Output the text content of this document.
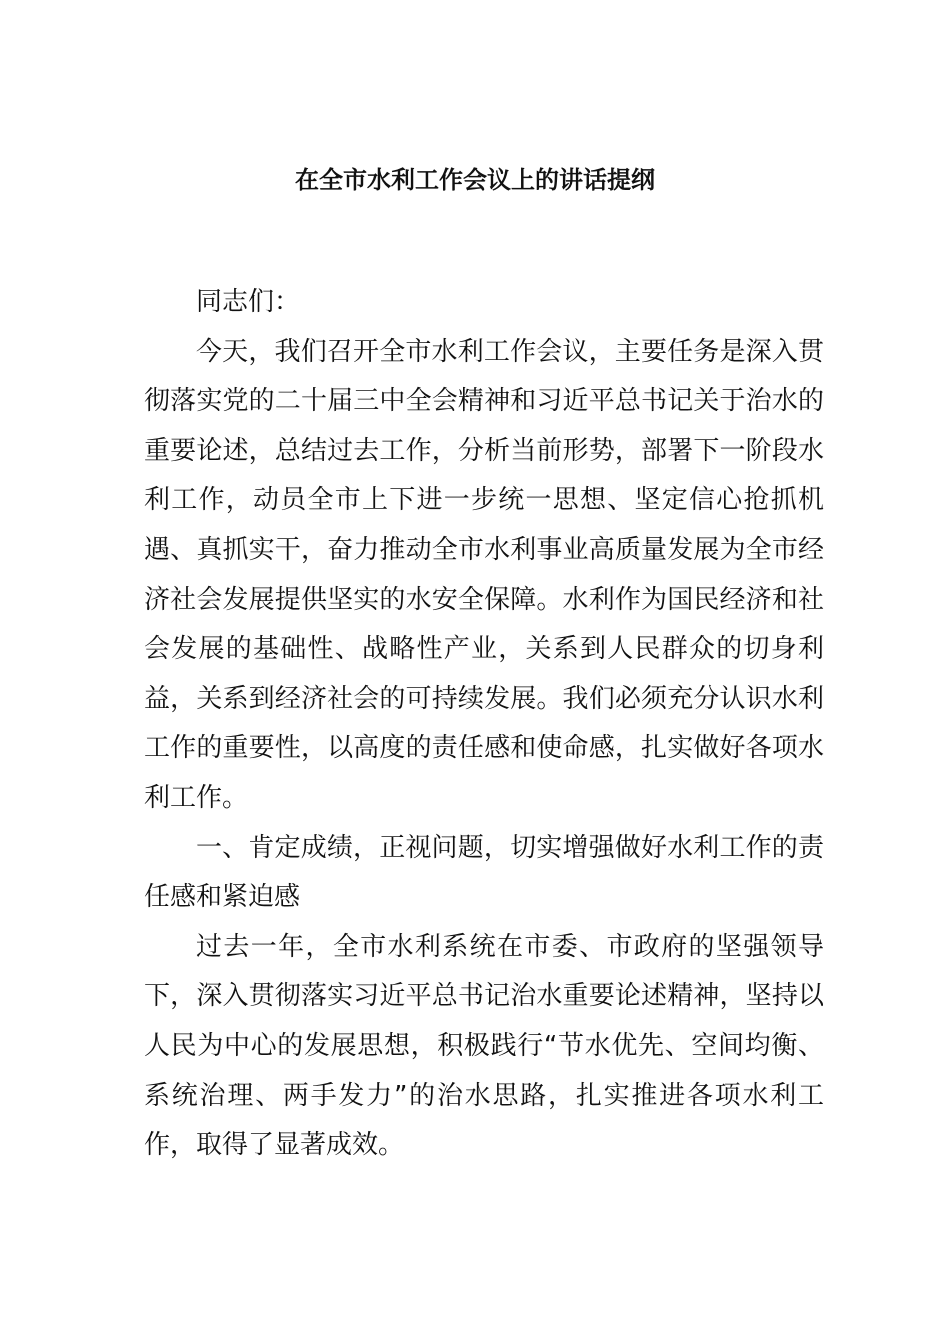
在全市水利工作会议上的讲话提纲

同志们：

今天，我们召开全市水利工作会议，主要任务是深入贯彻落实党的二十届三中全会精神和习近平总书记关于治水的重要论述，总结过去工作，分析当前形势，部署下一阶段水利工作，动员全市上下进一步统一思想、坚定信心抢抓机遇、真抓实干，奋力推动全市水利事业高质量发展为全市经济社会发展提供坚实的水安全保障。水利作为国民经济和社会发展的基础性、战略性产业，关系到人民群众的切身利益，关系到经济社会的可持续发展。我们必须充分认识水利工作的重要性，以高度的责任感和使命感，扎实做好各项水利工作。

一、肯定成绩，正视问题，切实增强做好水利工作的责任感和紧迫感

过去一年，全市水利系统在市委、市政府的坚强领导下，深入贯彻落实习近平总书记治水重要论述精神，坚持以人民为中心的发展思想，积极践行“节水优先、空间均衡、系统治理、两手发力”的治水思路，扎实推进各项水利工作，取得了显著成效。
